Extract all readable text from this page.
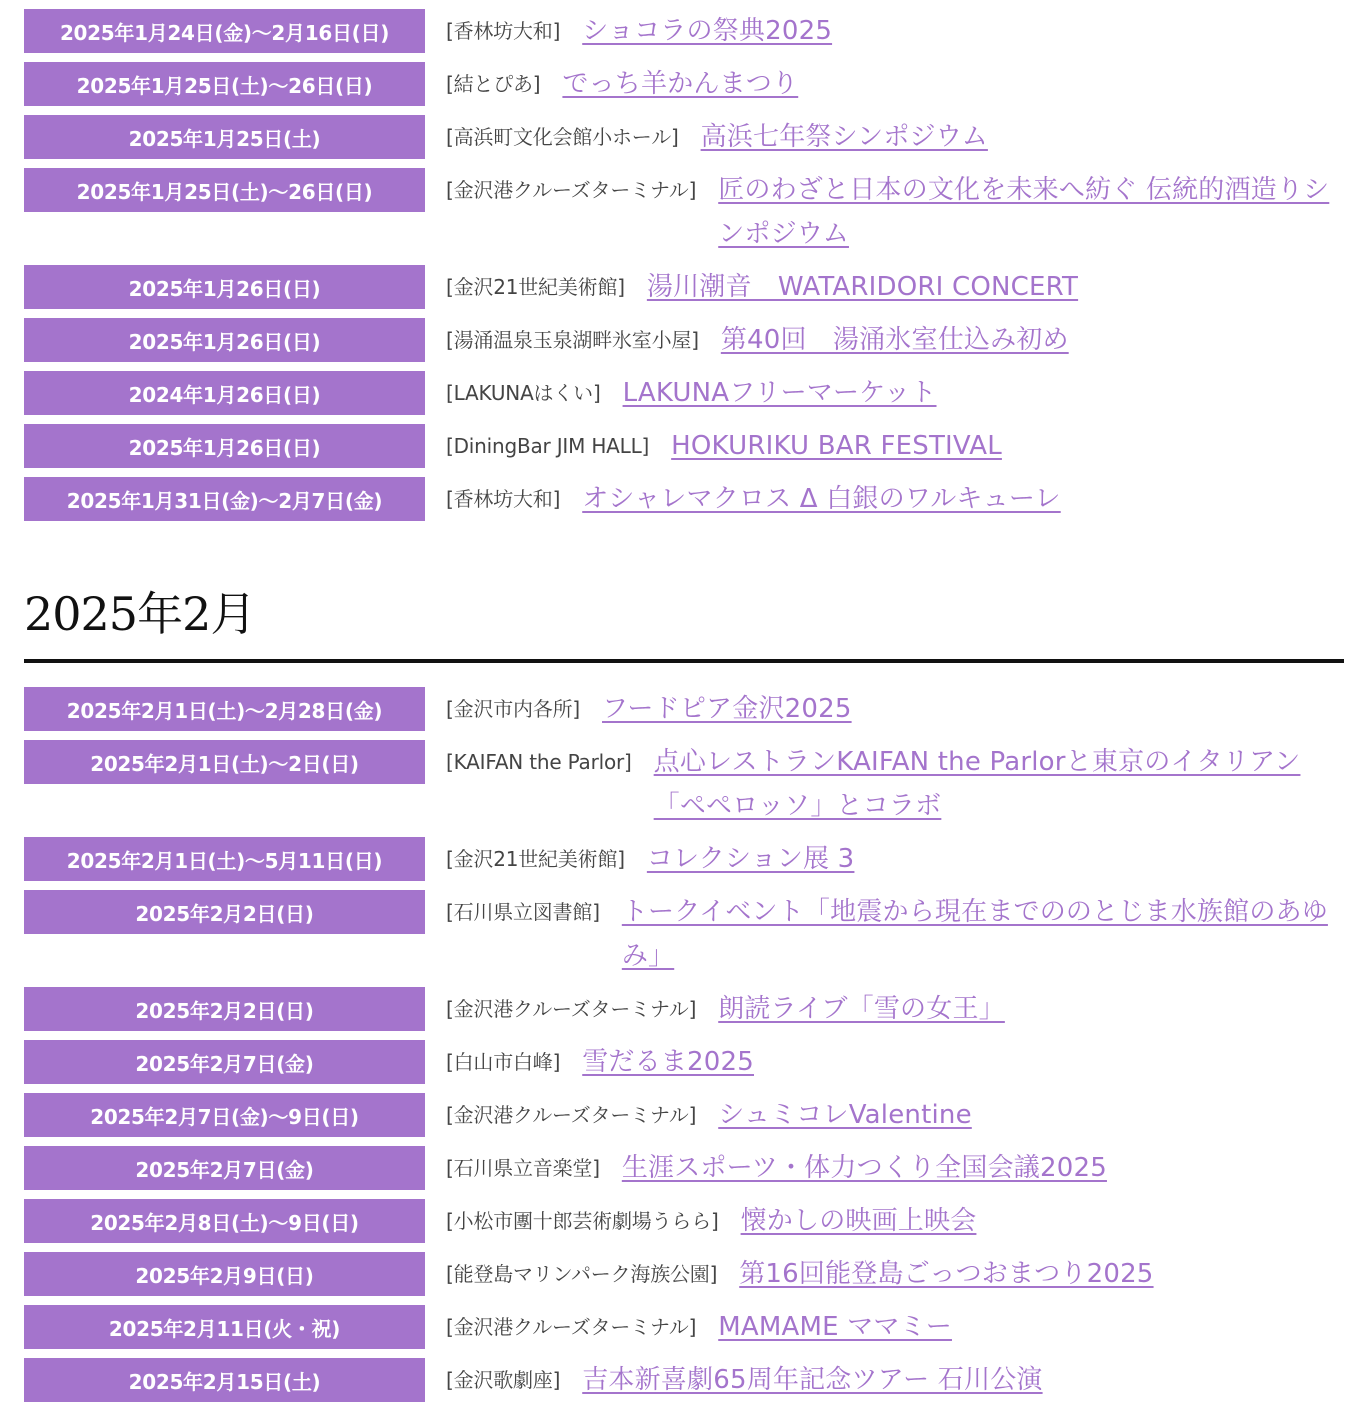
2025年1月24日(金)〜2月16日(日)	[香林坊大和] ショコラの祭典2025
2025年1月25日(土)〜26日(日)	[結とぴあ] でっち羊かんまつり
2025年1月25日(土)	[高浜町文化会館小ホール] 高浜七年祭シンポジウム
2025年1月25日(土)〜26日(日)	[金沢港クルーズターミナル] 匠のわざと日本の文化を未来へ紡ぐ 伝統的酒造りシンポジウム
2025年1月26日(日)	[金沢21世紀美術館] 湯川潮音　WATARIDORI CONCERT
2025年1月26日(日)	[湯涌温泉玉泉湖畔氷室小屋] 第40回　湯涌氷室仕込み初め
2024年1月26日(日)	[LAKUNAはくい] LAKUNAフリーマーケット
2025年1月26日(日)	[DiningBar JIM HALL] HOKURIKU BAR FESTIVAL
2025年1月31日(金)〜2月7日(金)	[香林坊大和] オシャレマクロス Δ 白銀のワルキューレ
2025年2月
2025年2月1日(土)〜2月28日(金)	[金沢市内各所] フードピア金沢2025
2025年2月1日(土)〜2日(日)	[KAIFAN the Parlor] 点心レストランKAIFAN the Parlorと東京のイタリアン「ペペロッソ」とコラボ
2025年2月1日(土)〜5月11日(日)	[金沢21世紀美術館] コレクション展 3
2025年2月2日(日)	[石川県立図書館] トークイベント「地震から現在までののとじま水族館のあゆみ」
2025年2月2日(日)	[金沢港クルーズターミナル] 朗読ライブ「雪の女王」
2025年2月7日(金)	[白山市白峰] 雪だるま2025
2025年2月7日(金)〜9日(日)	[金沢港クルーズターミナル] シュミコレValentine
2025年2月7日(金)	[石川県立音楽堂] 生涯スポーツ・体力つくり全国会議2025
2025年2月8日(土)〜9日(日)	[小松市團十郎芸術劇場うらら] 懐かしの映画上映会
2025年2月9日(日)	[能登島マリンパーク海族公園] 第16回能登島ごっつおまつり2025
2025年2月11日(火・祝)	[金沢港クルーズターミナル] MAMAME ママミー
2025年2月15日(土)	[金沢歌劇座] 吉本新喜劇65周年記念ツアー 石川公演
